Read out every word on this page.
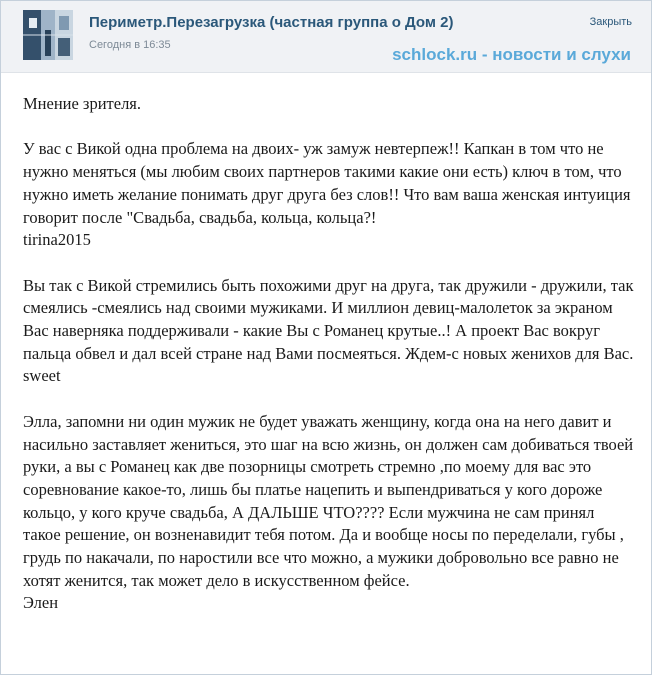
Периметр.Перезагрузка (частная группа о Дом 2)
Сегодня в 16:35
Закрыть
schlock.ru - новости и слухи

Мнение зрителя.

У вас с Викой одна проблема на двоих- уж замуж невтерпеж!! Капкан в том что не нужно меняться (мы любим своих партнеров такими какие они есть) ключ в том, что нужно иметь желание понимать друг друга без слов!! Что вам ваша женская интуиция говорит после "Свадьба, свадьба, кольца, кольца?!
tirina2015

Вы так с Викой стремились быть похожими друг на друга, так дружили - дружили, так смеялись -смеялись над своими мужиками. И миллион девиц-малолеток за экраном Вас наверняка поддерживали - какие Вы с Романец крутые..! А проект Вас вокруг пальца обвел и дал всей стране над Вами посмеяться. Ждем-с новых женихов для Вас.
sweet

Элла, запомни ни один мужик не будет уважать женщину, когда она на него давит и насильно заставляет жениться, это шаг на всю жизнь, он должен сам добиваться твоей руки, а вы с Романец как две позорницы смотреть стремно ,по моему для вас это соревнование какое-то, лишь бы платье нацепить и выпендриваться у кого дороже кольцо, у кого круче свадьба, А ДАЛЬШЕ ЧТО???? Если мужчина не сам принял такое решение, он возненавидит тебя потом. Да и вообще носы по переделали, губы , грудь по накачали, по наростили все что можно, а мужики добровольно все равно не хотят женится, так может дело в искусственном фейсе.
Элен
